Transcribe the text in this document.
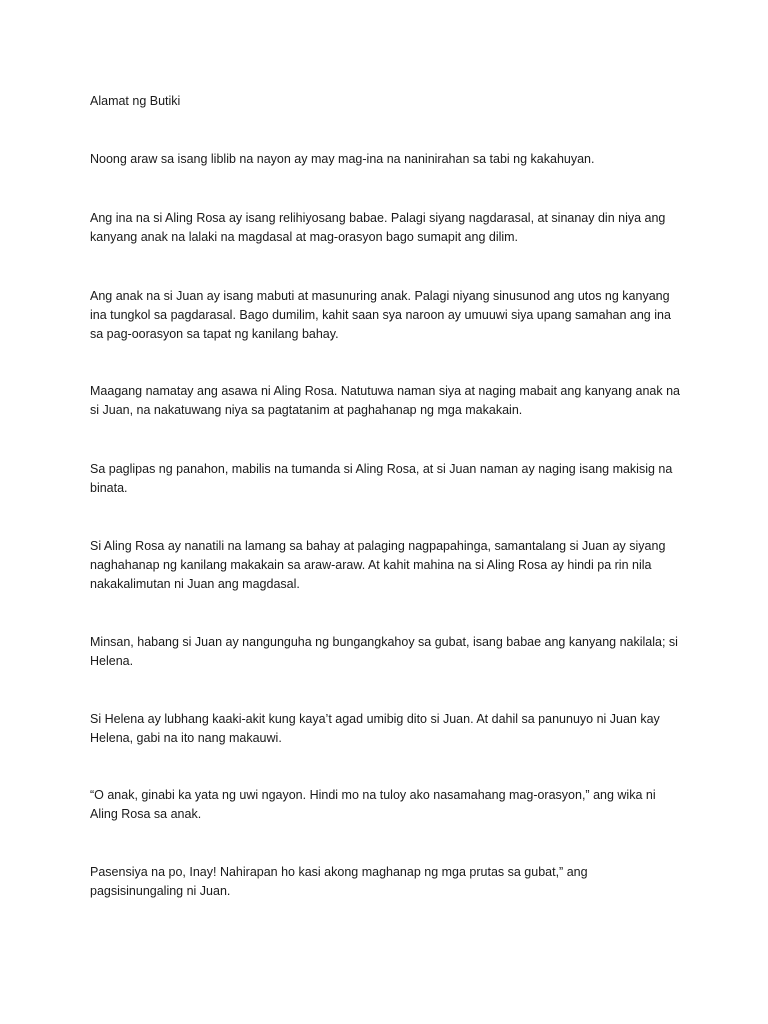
Alamat ng Butiki

Noong araw sa isang liblib na nayon ay may mag-ina na naninirahan sa tabi ng kakahuyan.

Ang ina na si Aling Rosa ay isang relihiyosang babae. Palagi siyang nagdarasal, at sinanay din niya ang
kanyang anak na lalaki na magdasal at mag-orasyon bago sumapit ang dilim.

Ang anak na si Juan ay isang mabuti at masunuring anak. Palagi niyang sinusunod ang utos ng kanyang
ina tungkol sa pagdarasal. Bago dumilim, kahit saan sya naroon ay umuuwi siya upang samahan ang ina
sa pag-oorasyon sa tapat ng kanilang bahay.

Maagang namatay ang asawa ni Aling Rosa. Natutuwa naman siya at naging mabait ang kanyang anak na
si Juan, na nakatuwang niya sa pagtatanim at paghahanap ng mga makakain.

Sa paglipas ng panahon, mabilis na tumanda si Aling Rosa, at si Juan naman ay naging isang makisig na
binata.

Si Aling Rosa ay nanatili na lamang sa bahay at palaging nagpapahinga, samantalang si Juan ay siyang
naghahanap ng kanilang makakain sa araw-araw. At kahit mahina na si Aling Rosa ay hindi pa rin nila
nakakalimutan ni Juan ang magdasal.

Minsan, habang si Juan ay nangunguha ng bungangkahoy sa gubat, isang babae ang kanyang nakilala; si
Helena.

Si Helena ay lubhang kaaki-akit kung kaya’t agad umibig dito si Juan. At dahil sa panunuyo ni Juan kay
Helena, gabi na ito nang makauwi.

“O anak, ginabi ka yata ng uwi ngayon. Hindi mo na tuloy ako nasamahang mag-orasyon,” ang wika ni
Aling Rosa sa anak.

Pasensiya na po, Inay! Nahirapan ho kasi akong maghanap ng mga prutas sa gubat,” ang
pagsisinungaling ni Juan.
